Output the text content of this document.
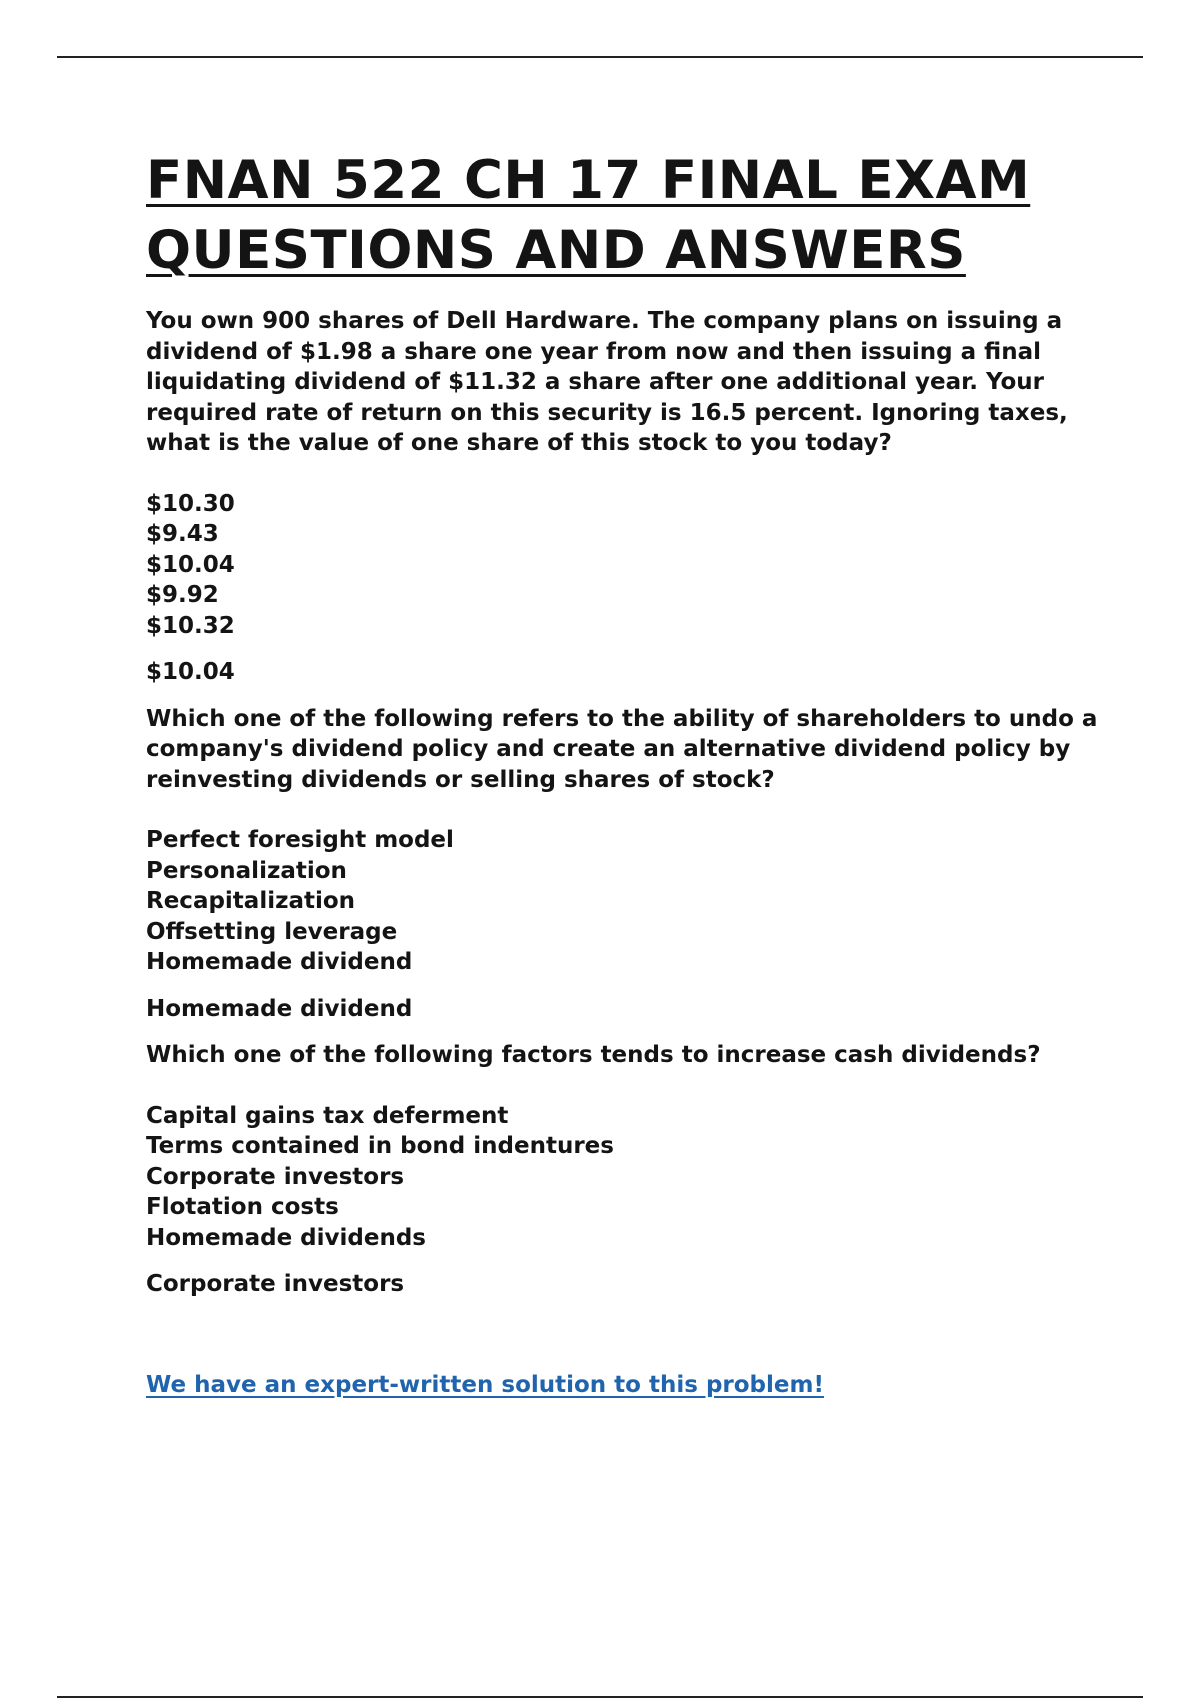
FNAN 522 CH 17 FINAL EXAM QUESTIONS AND ANSWERS

You own 900 shares of Dell Hardware. The company plans on issuing a dividend of $1.98 a share one year from now and then issuing a final liquidating dividend of $11.32 a share after one additional year. Your required rate of return on this security is 16.5 percent. Ignoring taxes, what is the value of one share of this stock to you today?

$10.30
$9.43
$10.04
$9.92
$10.32

$10.04

Which one of the following refers to the ability of shareholders to undo a company's dividend policy and create an alternative dividend policy by reinvesting dividends or selling shares of stock?

Perfect foresight model
Personalization
Recapitalization
Offsetting leverage
Homemade dividend

Homemade dividend

Which one of the following factors tends to increase cash dividends?

Capital gains tax deferment
Terms contained in bond indentures
Corporate investors
Flotation costs
Homemade dividends

Corporate investors

We have an expert-written solution to this problem!
